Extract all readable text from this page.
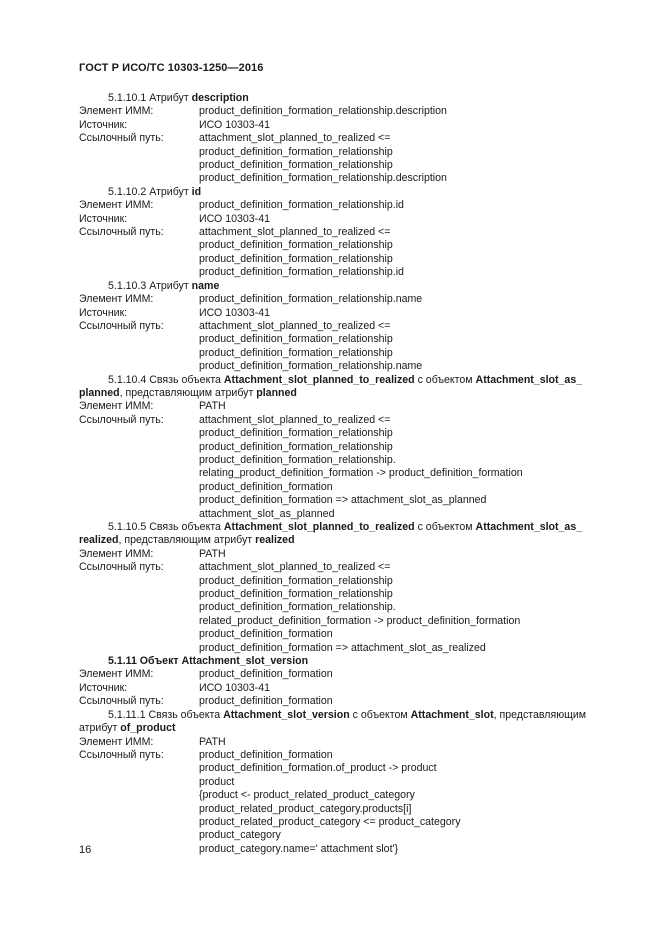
ГОСТ Р ИСО/ТС 10303-1250—2016
5.1.10.1 Атрибут description
Элемент ИММ:	product_definition_formation_relationship.description
Источник:	ИСО 10303-41
Ссылочный путь:	attachment_slot_planned_to_realized <=
product_definition_formation_relationship
product_definition_formation_relationship
product_definition_formation_relationship.description
5.1.10.2 Атрибут id
Элемент ИММ:	product_definition_formation_relationship.id
Источник:	ИСО 10303-41
Ссылочный путь:	attachment_slot_planned_to_realized <=
product_definition_formation_relationship
product_definition_formation_relationship
product_definition_formation_relationship.id
5.1.10.3 Атрибут name
Элемент ИММ:	product_definition_formation_relationship.name
Источник:	ИСО 10303-41
Ссылочный путь:	attachment_slot_planned_to_realized <=
product_definition_formation_relationship
product_definition_formation_relationship
product_definition_formation_relationship.name
5.1.10.4 Связь объекта Attachment_slot_planned_to_realized с объектом Attachment_slot_as_
planned, представляющим атрибут planned
Элемент ИММ:	PATH
Ссылочный путь:	attachment_slot_planned_to_realized <=
product_definition_formation_relationship
product_definition_formation_relationship
product_definition_formation_relationship.
relating_product_definition_formation -> product_definition_formation
product_definition_formation
product_definition_formation => attachment_slot_as_planned
attachment_slot_as_planned
5.1.10.5 Связь объекта Attachment_slot_planned_to_realized с объектом Attachment_slot_as_
realized, представляющим атрибут realized
Элемент ИММ:	PATH
Ссылочный путь:	attachment_slot_planned_to_realized <=
product_definition_formation_relationship
product_definition_formation_relationship
product_definition_formation_relationship.
related_product_definition_formation -> product_definition_formation
product_definition_formation
product_definition_formation => attachment_slot_as_realized
5.1.11 Объект Attachment_slot_version
Элемент ИММ:	product_definition_formation
Источник:	ИСО 10303-41
Ссылочный путь:	product_definition_formation
5.1.11.1 Связь объекта Attachment_slot_version с объектом Attachment_slot, представляющим
атрибут of_product
Элемент ИММ:	PATH
Ссылочный путь:	product_definition_formation
product_definition_formation.of_product -> product
product
{product <- product_related_product_category
product_related_product_category.products[i]
product_related_product_category <= product_category
product_category
product_category.name=' attachment slot'}
16
